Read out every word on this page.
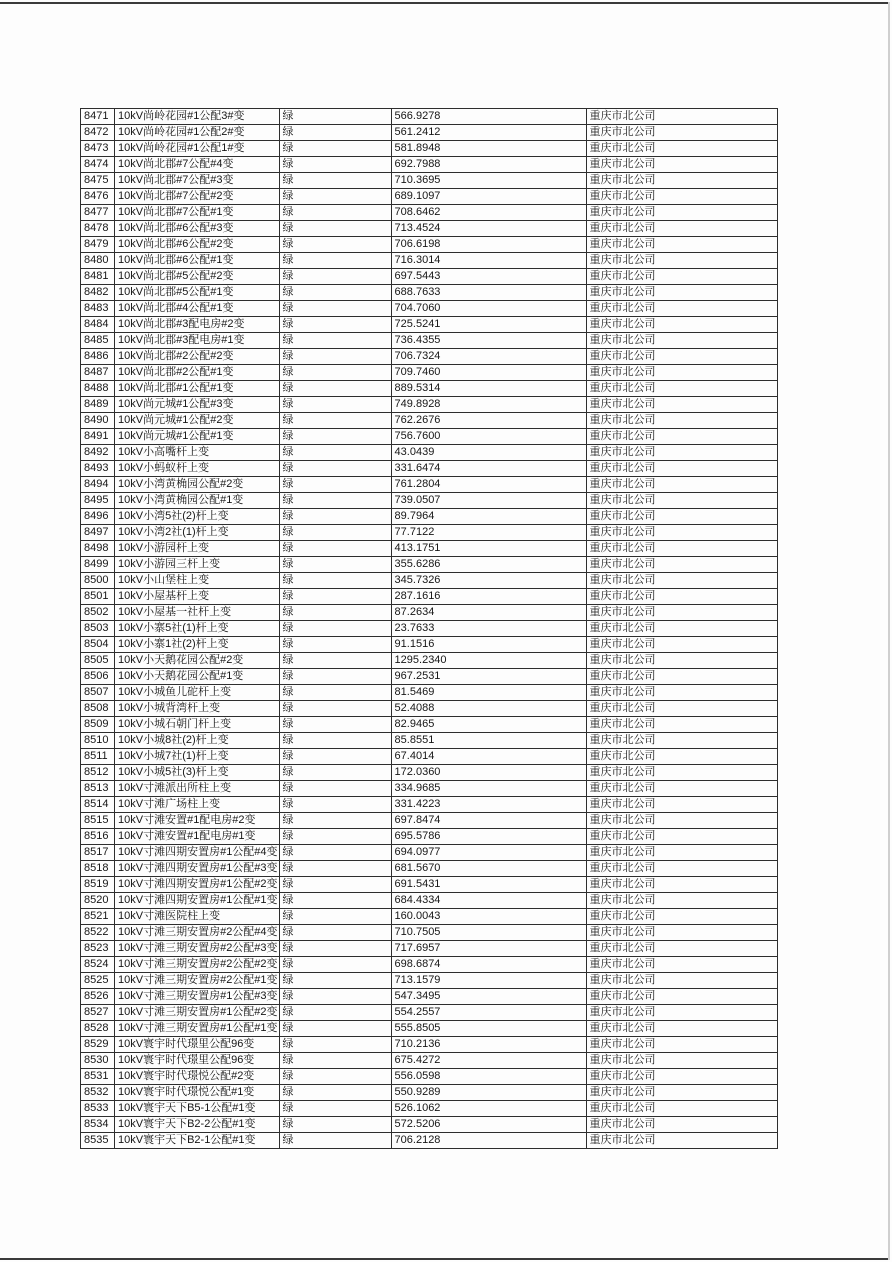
8471	10kV尚岭花园#1公配3#变	绿	566.9278	重庆市北公司
8472	10kV尚岭花园#1公配2#变	绿	561.2412	重庆市北公司
8473	10kV尚岭花园#1公配1#变	绿	581.8948	重庆市北公司
8474	10kV尚北郡#7公配#4变	绿	692.7988	重庆市北公司
8475	10kV尚北郡#7公配#3变	绿	710.3695	重庆市北公司
8476	10kV尚北郡#7公配#2变	绿	689.1097	重庆市北公司
8477	10kV尚北郡#7公配#1变	绿	708.6462	重庆市北公司
8478	10kV尚北郡#6公配#3变	绿	713.4524	重庆市北公司
8479	10kV尚北郡#6公配#2变	绿	706.6198	重庆市北公司
8480	10kV尚北郡#6公配#1变	绿	716.3014	重庆市北公司
8481	10kV尚北郡#5公配#2变	绿	697.5443	重庆市北公司
8482	10kV尚北郡#5公配#1变	绿	688.7633	重庆市北公司
8483	10kV尚北郡#4公配#1变	绿	704.7060	重庆市北公司
8484	10kV尚北郡#3配电房#2变	绿	725.5241	重庆市北公司
8485	10kV尚北郡#3配电房#1变	绿	736.4355	重庆市北公司
8486	10kV尚北郡#2公配#2变	绿	706.7324	重庆市北公司
8487	10kV尚北郡#2公配#1变	绿	709.7460	重庆市北公司
8488	10kV尚北郡#1公配#1变	绿	889.5314	重庆市北公司
8489	10kV尚元城#1公配#3变	绿	749.8928	重庆市北公司
8490	10kV尚元城#1公配#2变	绿	762.2676	重庆市北公司
8491	10kV尚元城#1公配#1变	绿	756.7600	重庆市北公司
8492	10kV小高嘴杆上变	绿	43.0439	重庆市北公司
8493	10kV小蚂蚁杆上变	绿	331.6474	重庆市北公司
8494	10kV小湾黄桷园公配#2变	绿	761.2804	重庆市北公司
8495	10kV小湾黄桷园公配#1变	绿	739.0507	重庆市北公司
8496	10kV小湾5社(2)杆上变	绿	89.7964	重庆市北公司
8497	10kV小湾2社(1)杆上变	绿	77.7122	重庆市北公司
8498	10kV小游园杆上变	绿	413.1751	重庆市北公司
8499	10kV小游园三杆上变	绿	355.6286	重庆市北公司
8500	10kV小山堡柱上变	绿	345.7326	重庆市北公司
8501	10kV小屋基杆上变	绿	287.1616	重庆市北公司
8502	10kV小屋基一社杆上变	绿	87.2634	重庆市北公司
8503	10kV小寨5社(1)杆上变	绿	23.7633	重庆市北公司
8504	10kV小寨1社(2)杆上变	绿	91.1516	重庆市北公司
8505	10kV小天鹅花园公配#2变	绿	1295.2340	重庆市北公司
8506	10kV小天鹅花园公配#1变	绿	967.2531	重庆市北公司
8507	10kV小城鱼儿砣杆上变	绿	81.5469	重庆市北公司
8508	10kV小城背湾杆上变	绿	52.4088	重庆市北公司
8509	10kV小城石朝门杆上变	绿	82.9465	重庆市北公司
8510	10kV小城8社(2)杆上变	绿	85.8551	重庆市北公司
8511	10kV小城7社(1)杆上变	绿	67.4014	重庆市北公司
8512	10kV小城5社(3)杆上变	绿	172.0360	重庆市北公司
8513	10kV寸滩派出所柱上变	绿	334.9685	重庆市北公司
8514	10kV寸滩广场柱上变	绿	331.4223	重庆市北公司
8515	10kV寸滩安置#1配电房#2变	绿	697.8474	重庆市北公司
8516	10kV寸滩安置#1配电房#1变	绿	695.5786	重庆市北公司
8517	10kV寸滩四期安置房#1公配#4变	绿	694.0977	重庆市北公司
8518	10kV寸滩四期安置房#1公配#3变	绿	681.5670	重庆市北公司
8519	10kV寸滩四期安置房#1公配#2变	绿	691.5431	重庆市北公司
8520	10kV寸滩四期安置房#1公配#1变	绿	684.4334	重庆市北公司
8521	10kV寸滩医院柱上变	绿	160.0043	重庆市北公司
8522	10kV寸滩三期安置房#2公配#4变	绿	710.7505	重庆市北公司
8523	10kV寸滩三期安置房#2公配#3变	绿	717.6957	重庆市北公司
8524	10kV寸滩三期安置房#2公配#2变	绿	698.6874	重庆市北公司
8525	10kV寸滩三期安置房#2公配#1变	绿	713.1579	重庆市北公司
8526	10kV寸滩三期安置房#1公配#3变	绿	547.3495	重庆市北公司
8527	10kV寸滩三期安置房#1公配#2变	绿	554.2557	重庆市北公司
8528	10kV寸滩三期安置房#1公配#1变	绿	555.8505	重庆市北公司
8529	10kV寰宇时代璟里公配96变	绿	710.2136	重庆市北公司
8530	10kV寰宇时代璟里公配96变	绿	675.4272	重庆市北公司
8531	10kV寰宇时代璟悦公配#2变	绿	556.0598	重庆市北公司
8532	10kV寰宇时代璟悦公配#1变	绿	550.9289	重庆市北公司
8533	10kV寰宇天下B5-1公配#1变	绿	526.1062	重庆市北公司
8534	10kV寰宇天下B2-2公配#1变	绿	572.5206	重庆市北公司
8535	10kV寰宇天下B2-1公配#1变	绿	706.2128	重庆市北公司
